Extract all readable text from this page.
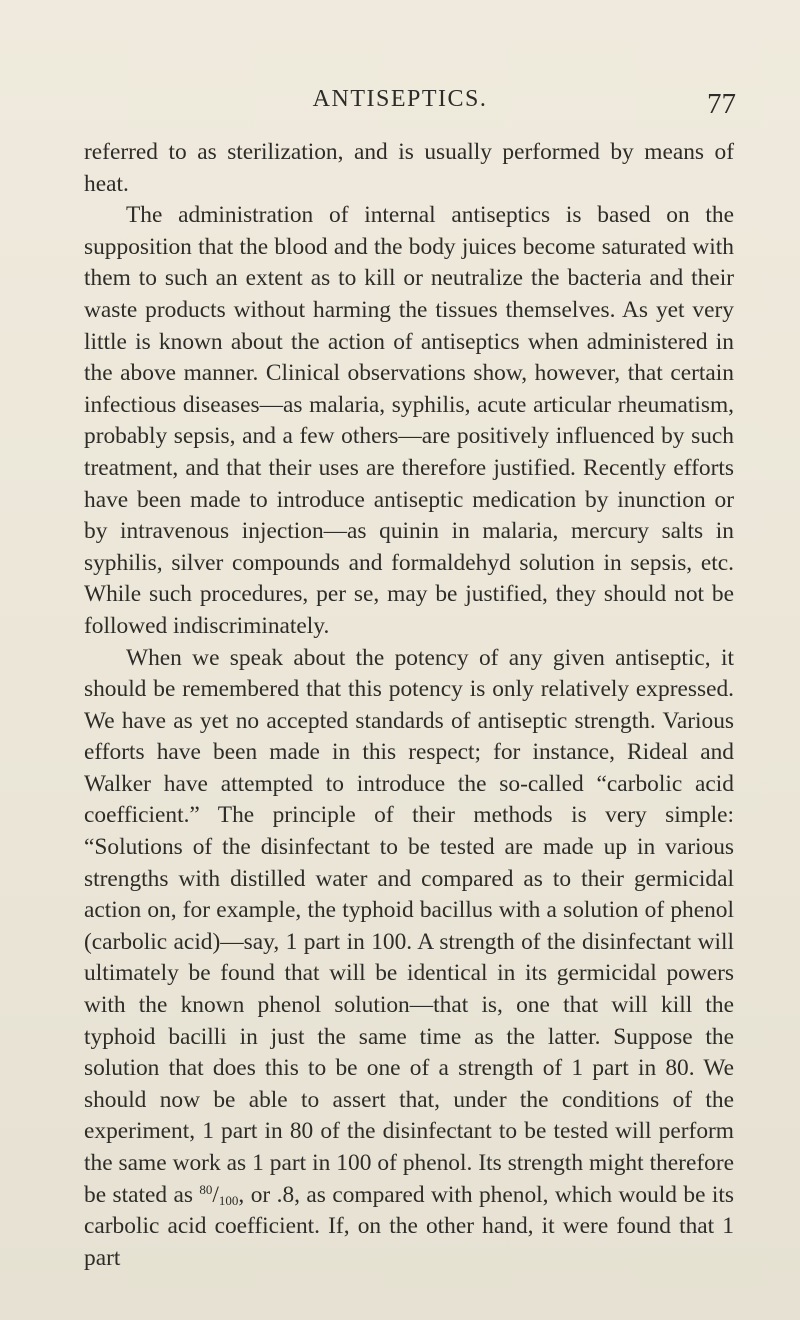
ANTISEPTICS.	77

referred to as sterilization, and is usually performed by means of heat.

The administration of internal antiseptics is based on the supposition that the blood and the body juices become saturated with them to such an extent as to kill or neutralize the bacteria and their waste products without harming the tissues themselves. As yet very little is known about the action of antiseptics when administered in the above manner. Clinical observations show, however, that certain infectious diseases—as malaria, syphilis, acute articular rheumatism, probably sepsis, and a few others—are positively influenced by such treatment, and that their uses are therefore justified. Recently efforts have been made to introduce antiseptic medication by inunction or by intravenous injection—as quinin in malaria, mercury salts in syphilis, silver compounds and formaldehyd solution in sepsis, etc. While such procedures, per se, may be justified, they should not be followed indiscriminately.

When we speak about the potency of any given antiseptic, it should be remembered that this potency is only relatively expressed. We have as yet no accepted standards of antiseptic strength. Various efforts have been made in this respect; for instance, Rideal and Walker have attempted to introduce the so-called “carbolic acid coefficient.” The principle of their methods is very simple: “Solutions of the disinfectant to be tested are made up in various strengths with distilled water and compared as to their germicidal action on, for example, the typhoid bacillus with a solution of phenol (carbolic acid)—say, 1 part in 100. A strength of the disinfectant will ultimately be found that will be identical in its germicidal powers with the known phenol solution—that is, one that will kill the typhoid bacilli in just the same time as the latter. Suppose the solution that does this to be one of a strength of 1 part in 80. We should now be able to assert that, under the conditions of the experiment, 1 part in 80 of the disinfectant to be tested will perform the same work as 1 part in 100 of phenol. Its strength might therefore be stated as $^{80}/_{100}$, or .8, as compared with phenol, which would be its carbolic acid coefficient. If, on the other hand, it were found that 1 part
